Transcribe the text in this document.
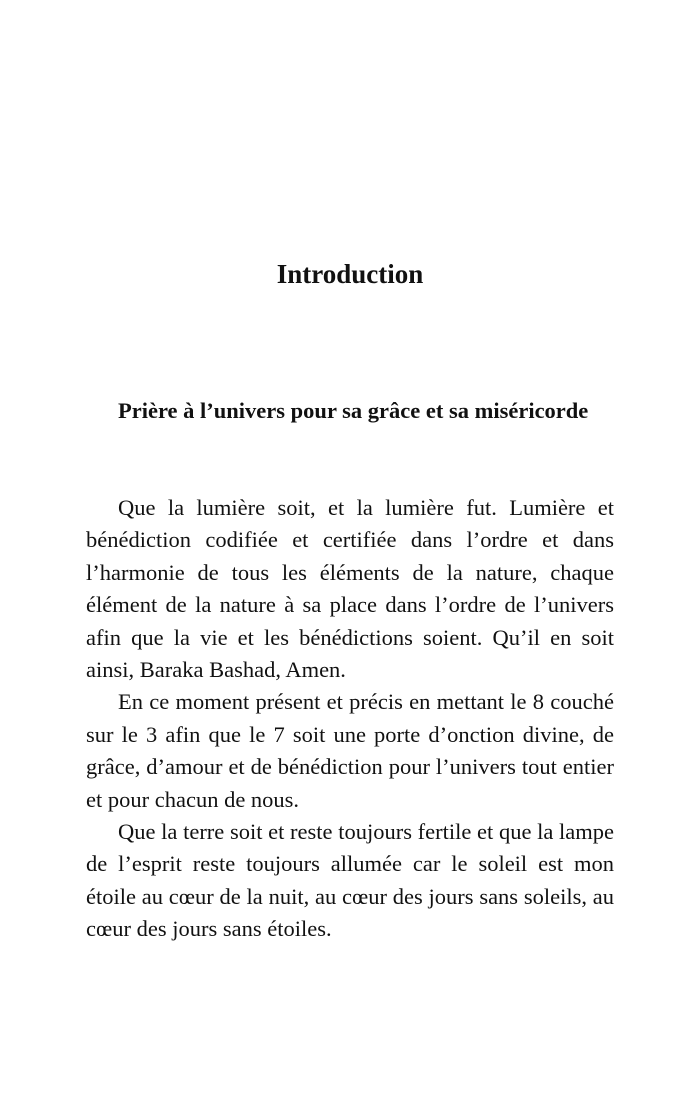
Introduction

Prière à l’univers pour sa grâce et sa miséricorde

Que la lumière soit, et la lumière fut. Lumière et bénédiction codifiée et certifiée dans l’ordre et dans l’harmonie de tous les éléments de la nature, chaque élément de la nature à sa place dans l’ordre de l’univers afin que la vie et les bénédictions soient. Qu’il en soit ainsi, Baraka Bashad, Amen.

En ce moment présent et précis en mettant le 8 couché sur le 3 afin que le 7 soit une porte d’onction divine, de grâce, d’amour et de bénédiction pour l’univers tout entier et pour chacun de nous.

Que la terre soit et reste toujours fertile et que la lampe de l’esprit reste toujours allumée car le soleil est mon étoile au cœur de la nuit, au cœur des jours sans soleils, au cœur des jours sans étoiles.
